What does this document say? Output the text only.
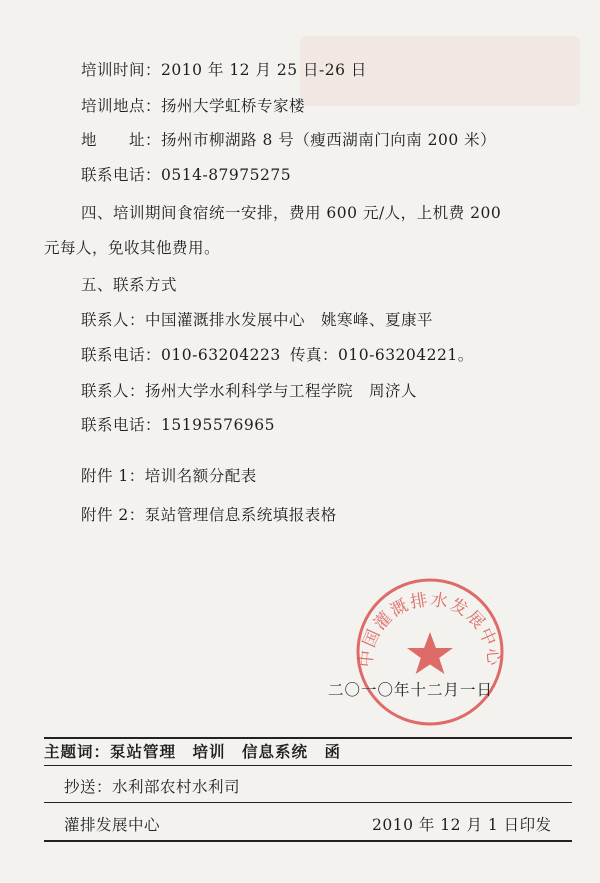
培训时间：2010 年 12 月 25 日-26 日
培训地点：扬州大学虹桥专家楼
地　　址：扬州市柳湖路 8 号（瘦西湖南门向南 200 米）
联系电话：0514-87975275
四、培训期间食宿统一安排，费用 600 元/人，上机费 200
元每人，免收其他费用。
五、联系方式
联系人：中国灌溉排水发展中心　姚寒峰、夏康平
联系电话：010-63204223 传真：010-63204221。
联系人：扬州大学水利科学与工程学院　周济人
联系电话：15195576965
附件 1：培训名额分配表
附件 2：泵站管理信息系统填报表格
中国灌溉排水发展中心
二〇一〇年十二月一日
主题词：泵站管理　培训　信息系统　函
抄送：水利部农村水利司
灌排发展中心	2010 年 12 月 1 日印发
